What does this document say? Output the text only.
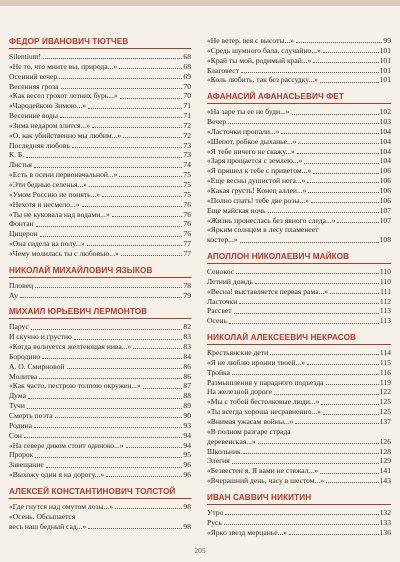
ФЕДОР ИВАНОВИЧ ТЮТЧЕВ
Silentium!	68
«Не то, что мните вы, природа...»	68
Осенний вечер	69
Весенняя гроза	70
«Как весел грохот летних бурь...»	70
«Чародейкою Зимою...»	71
Весенние воды	71
«Зима недаром злится...»	72
«О, как убийственно мы любим...»	72
Последняя любовь	73
К. Б.	73
Листья	74
«Есть в осени первоначальной...»	75
«Эти бедные селенья...»	75
«Умом Россию не понять...»	75
«Нехотя и несмело...»	76
«Ты не куковала над водами...»	76
Фонтан	76
Цицерон	76
«Она сидела на полу...»	77
«Чему молилась ты с любовью...»	77
НИКОЛАЙ МИХАЙЛОВИЧ ЯЗЫКОВ
Пловец	78
Ау	79
МИХАИЛ ЮРЬЕВИЧ ЛЕРМОНТОВ
Парус	82
И скучно и грустно	83
«Когда волнуется желтеющая нива...»	83
Бородино	84
А. О. Смирновой	86
Молитва	86
«Как часто, пестрою толпою окружен...»	87
Дума	88
Тучи	89
Смерть поэта	90
Родина	93
Сон	94
«На севере диком стоит одиноко...»	94
Пророк	95
Завещание	96
«Выхожу один я на дорогу...»	96
АЛЕКСЕЙ КОНСТАНТИНОВИЧ ТОЛСТОЙ
«Где гнутся над омутом лозы...»	98
«Осень. Обсыпается
весь наш бедный сад...»	98
«Не ветер, вея с высоты...»	99
«Средь шумного бала, случайно...»	101
«Край ты мой, родимый край...»	101
Благовест	101
«Коль любить, так без рассудку...»	101
АФАНАСИЙ АФАНАСЬЕВИЧ ФЕТ
«На заре ты ее не буди...»	102
Вечер	103
«Ласточки пропали...»	104
«Шепот, робкое дыханье...»	104
«Я тебе ничего не скажу...»	104
«Заря прощается с землею...»	104
«Я пришел к тебе с приветом...»	106
«Еще весны душистой нега...»	106
«Какая грусть! Конец аллеи...»	106
«Полно спать! тебе две розы...»	106
Еще майская ночь	107
«Жизнь пронеслась без явного следа...»	107
«Ярким солнцем в лесу пламенеет
костер...»	108
АПОЛЛОН НИКОЛАЕВИЧ МАЙКОВ
Сенокос	110
Летний дождь	110
«Весна! выставляется первая рама...»	111
Ласточки	112
Рассвет	113
Осень	113
НИКОЛАЙ АЛЕКСЕЕВИЧ НЕКРАСОВ
Крестьянские дети	114
«Я не люблю иронии твоей...»	115
Тройка	116
Размышления у парадного подъезда	119
На железной дороге	122
«Мы с тобой бестолковые люди...»	125
«Ты всегда хороша несравненно...»	125
«Внимая ужасам войны...»	137
«В полном разгаре страда
деревенская...»	126
Школьник	128
Элегия	129
«Безвестен я. Я вами не стяжал...»	141
«Вчерашний день, часу в шестом...»	143
ИВАН САВВИЧ НИКИТИН
Утро	132
Русь	133
«Ярко звезд мерцанье...»	136
205
